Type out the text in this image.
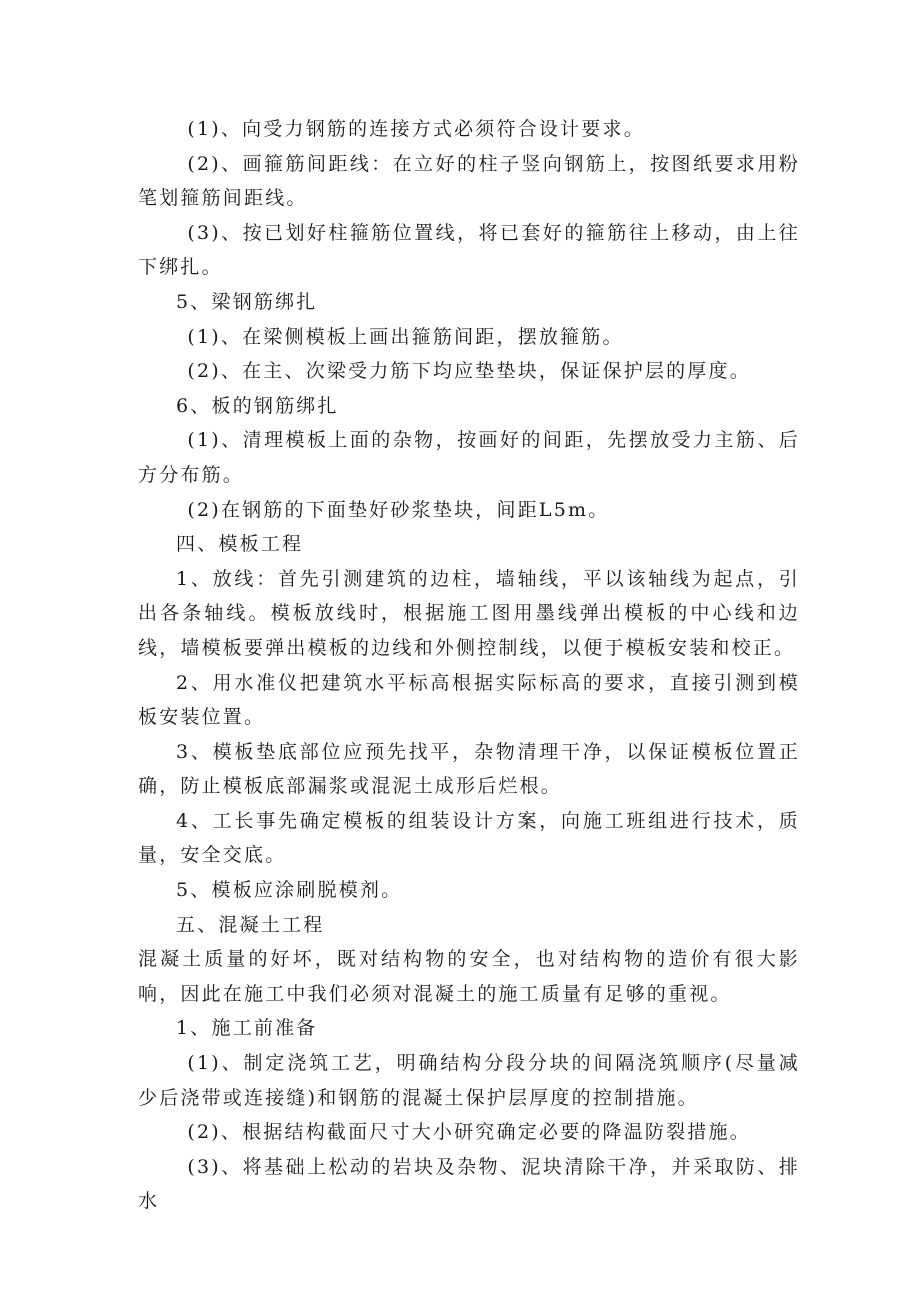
(1)、向受力钢筋的连接方式必须符合设计要求。

(2)、画箍筋间距线：在立好的柱子竖向钢筋上，按图纸要求用粉笔划箍筋间距线。

(3)、按已划好柱箍筋位置线，将已套好的箍筋往上移动，由上往下绑扎。

5、梁钢筋绑扎

(1)、在梁侧模板上画出箍筋间距，摆放箍筋。

(2)、在主、次梁受力筋下均应垫垫块，保证保护层的厚度。

6、板的钢筋绑扎

(1)、清理模板上面的杂物，按画好的间距，先摆放受力主筋、后方分布筋。

(2)在钢筋的下面垫好砂浆垫块，间距L5m。

四、模板工程

1、放线：首先引测建筑的边柱，墙轴线，平以该轴线为起点，引出各条轴线。模板放线时，根据施工图用墨线弹出模板的中心线和边线，墙模板要弹出模板的边线和外侧控制线，以便于模板安装和校正。

2、用水准仪把建筑水平标高根据实际标高的要求，直接引测到模板安装位置。

3、模板垫底部位应预先找平，杂物清理干净，以保证模板位置正确，防止模板底部漏浆或混泥土成形后烂根。

4、工长事先确定模板的组装设计方案，向施工班组进行技术，质量，安全交底。

5、模板应涂刷脱模剂。

五、混凝土工程

混凝土质量的好坏，既对结构物的安全，也对结构物的造价有很大影响，因此在施工中我们必须对混凝土的施工质量有足够的重视。

1、施工前准备

(1)、制定浇筑工艺，明确结构分段分块的间隔浇筑顺序(尽量减少后浇带或连接缝)和钢筋的混凝土保护层厚度的控制措施。

(2)、根据结构截面尺寸大小研究确定必要的降温防裂措施。

(3)、将基础上松动的岩块及杂物、泥块清除干净，并采取防、排水
